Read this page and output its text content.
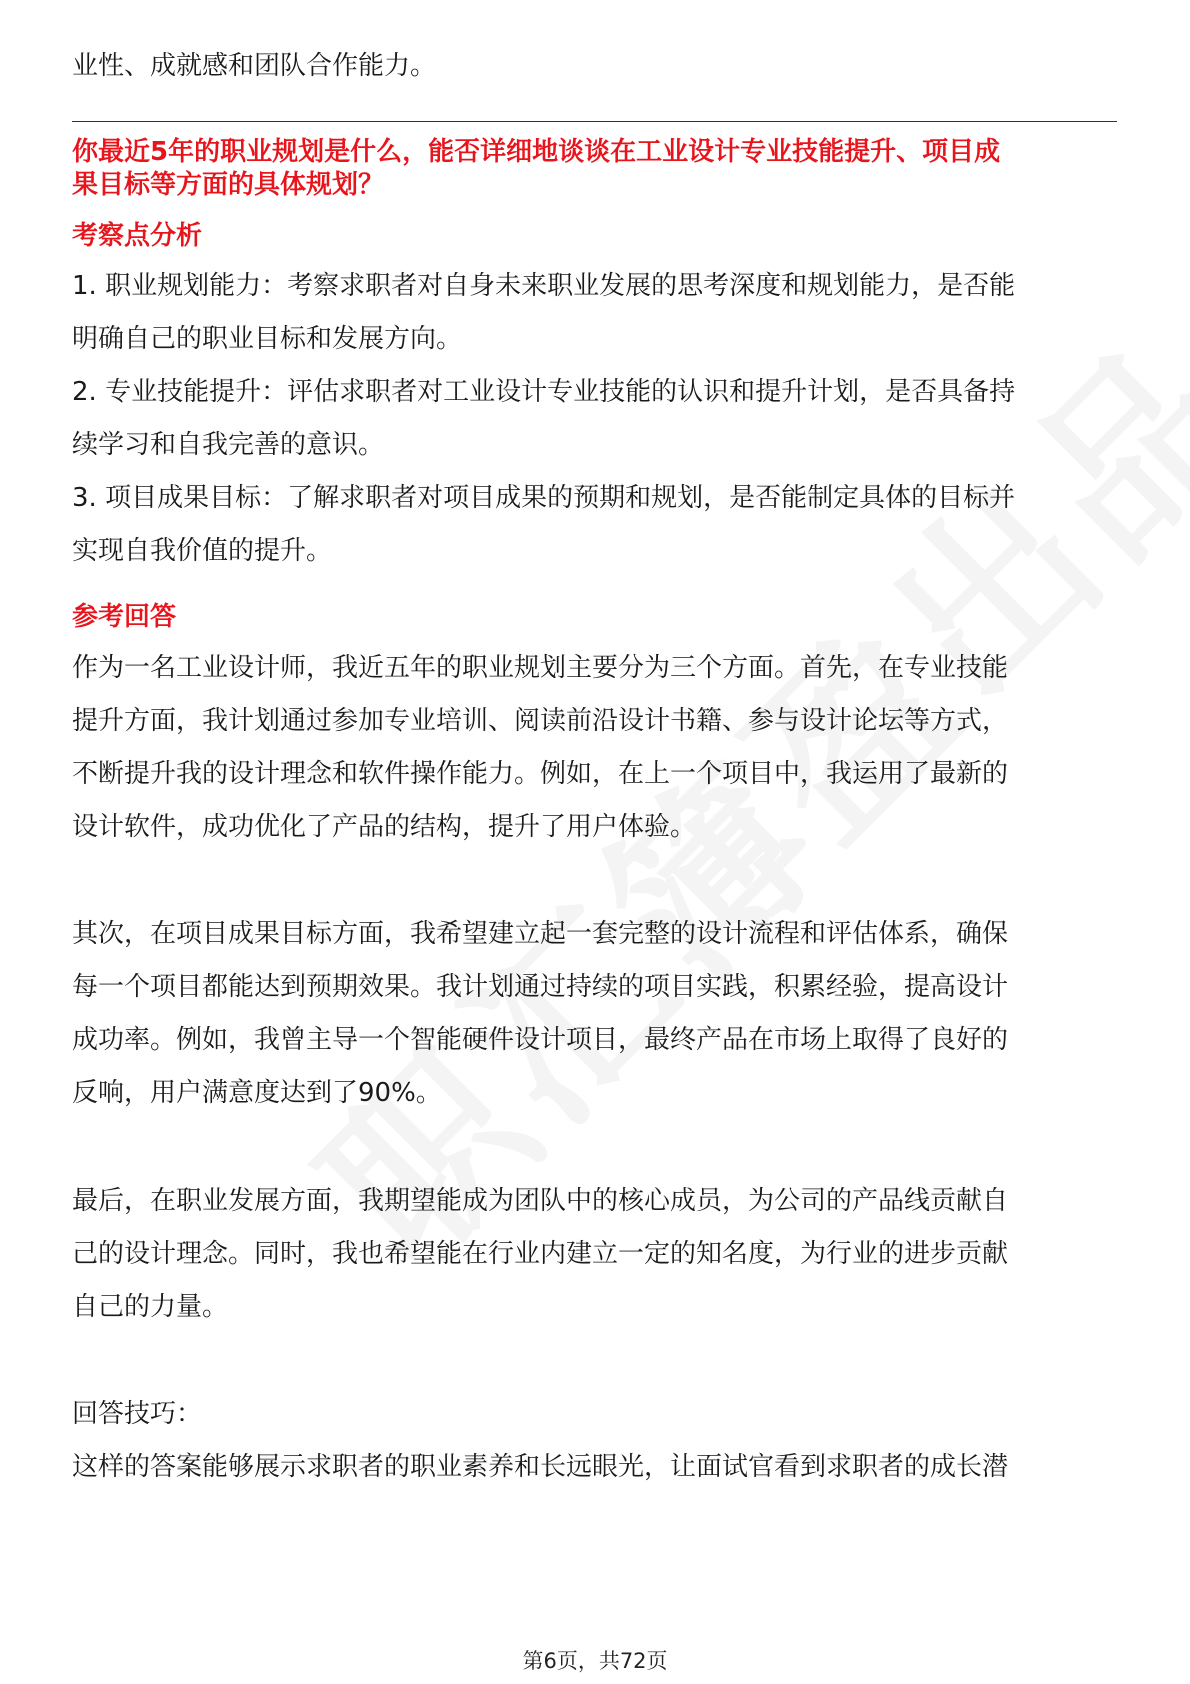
业性、成就感和团队合作能力。
你最近5年的职业规划是什么，能否详细地谈谈在工业设计专业技能提升、项目成
果目标等方面的具体规划？
考察点分析
1. 职业规划能力：考察求职者对自身未来职业发展的思考深度和规划能力，是否能
明确自己的职业目标和发展方向。
2. 专业技能提升：评估求职者对工业设计专业技能的认识和提升计划，是否具备持
续学习和自我完善的意识。
3. 项目成果目标：了解求职者对项目成果的预期和规划，是否能制定具体的目标并
实现自我价值的提升。
参考回答
作为一名工业设计师，我近五年的职业规划主要分为三个方面。首先，在专业技能
提升方面，我计划通过参加专业培训、阅读前沿设计书籍、参与设计论坛等方式，
不断提升我的设计理念和软件操作能力。例如，在上一个项目中，我运用了最新的
设计软件，成功优化了产品的结构，提升了用户体验。
其次，在项目成果目标方面，我希望建立起一套完整的设计流程和评估体系，确保
每一个项目都能达到预期效果。我计划通过持续的项目实践，积累经验，提高设计
成功率。例如，我曾主导一个智能硬件设计项目，最终产品在市场上取得了良好的
反响，用户满意度达到了90%。
最后，在职业发展方面，我期望能成为团队中的核心成员，为公司的产品线贡献自
己的设计理念。同时，我也希望能在行业内建立一定的知名度，为行业的进步贡献
自己的力量。
回答技巧：
这样的答案能够展示求职者的职业素养和长远眼光，让面试官看到求职者的成长潜
第6页，共72页
